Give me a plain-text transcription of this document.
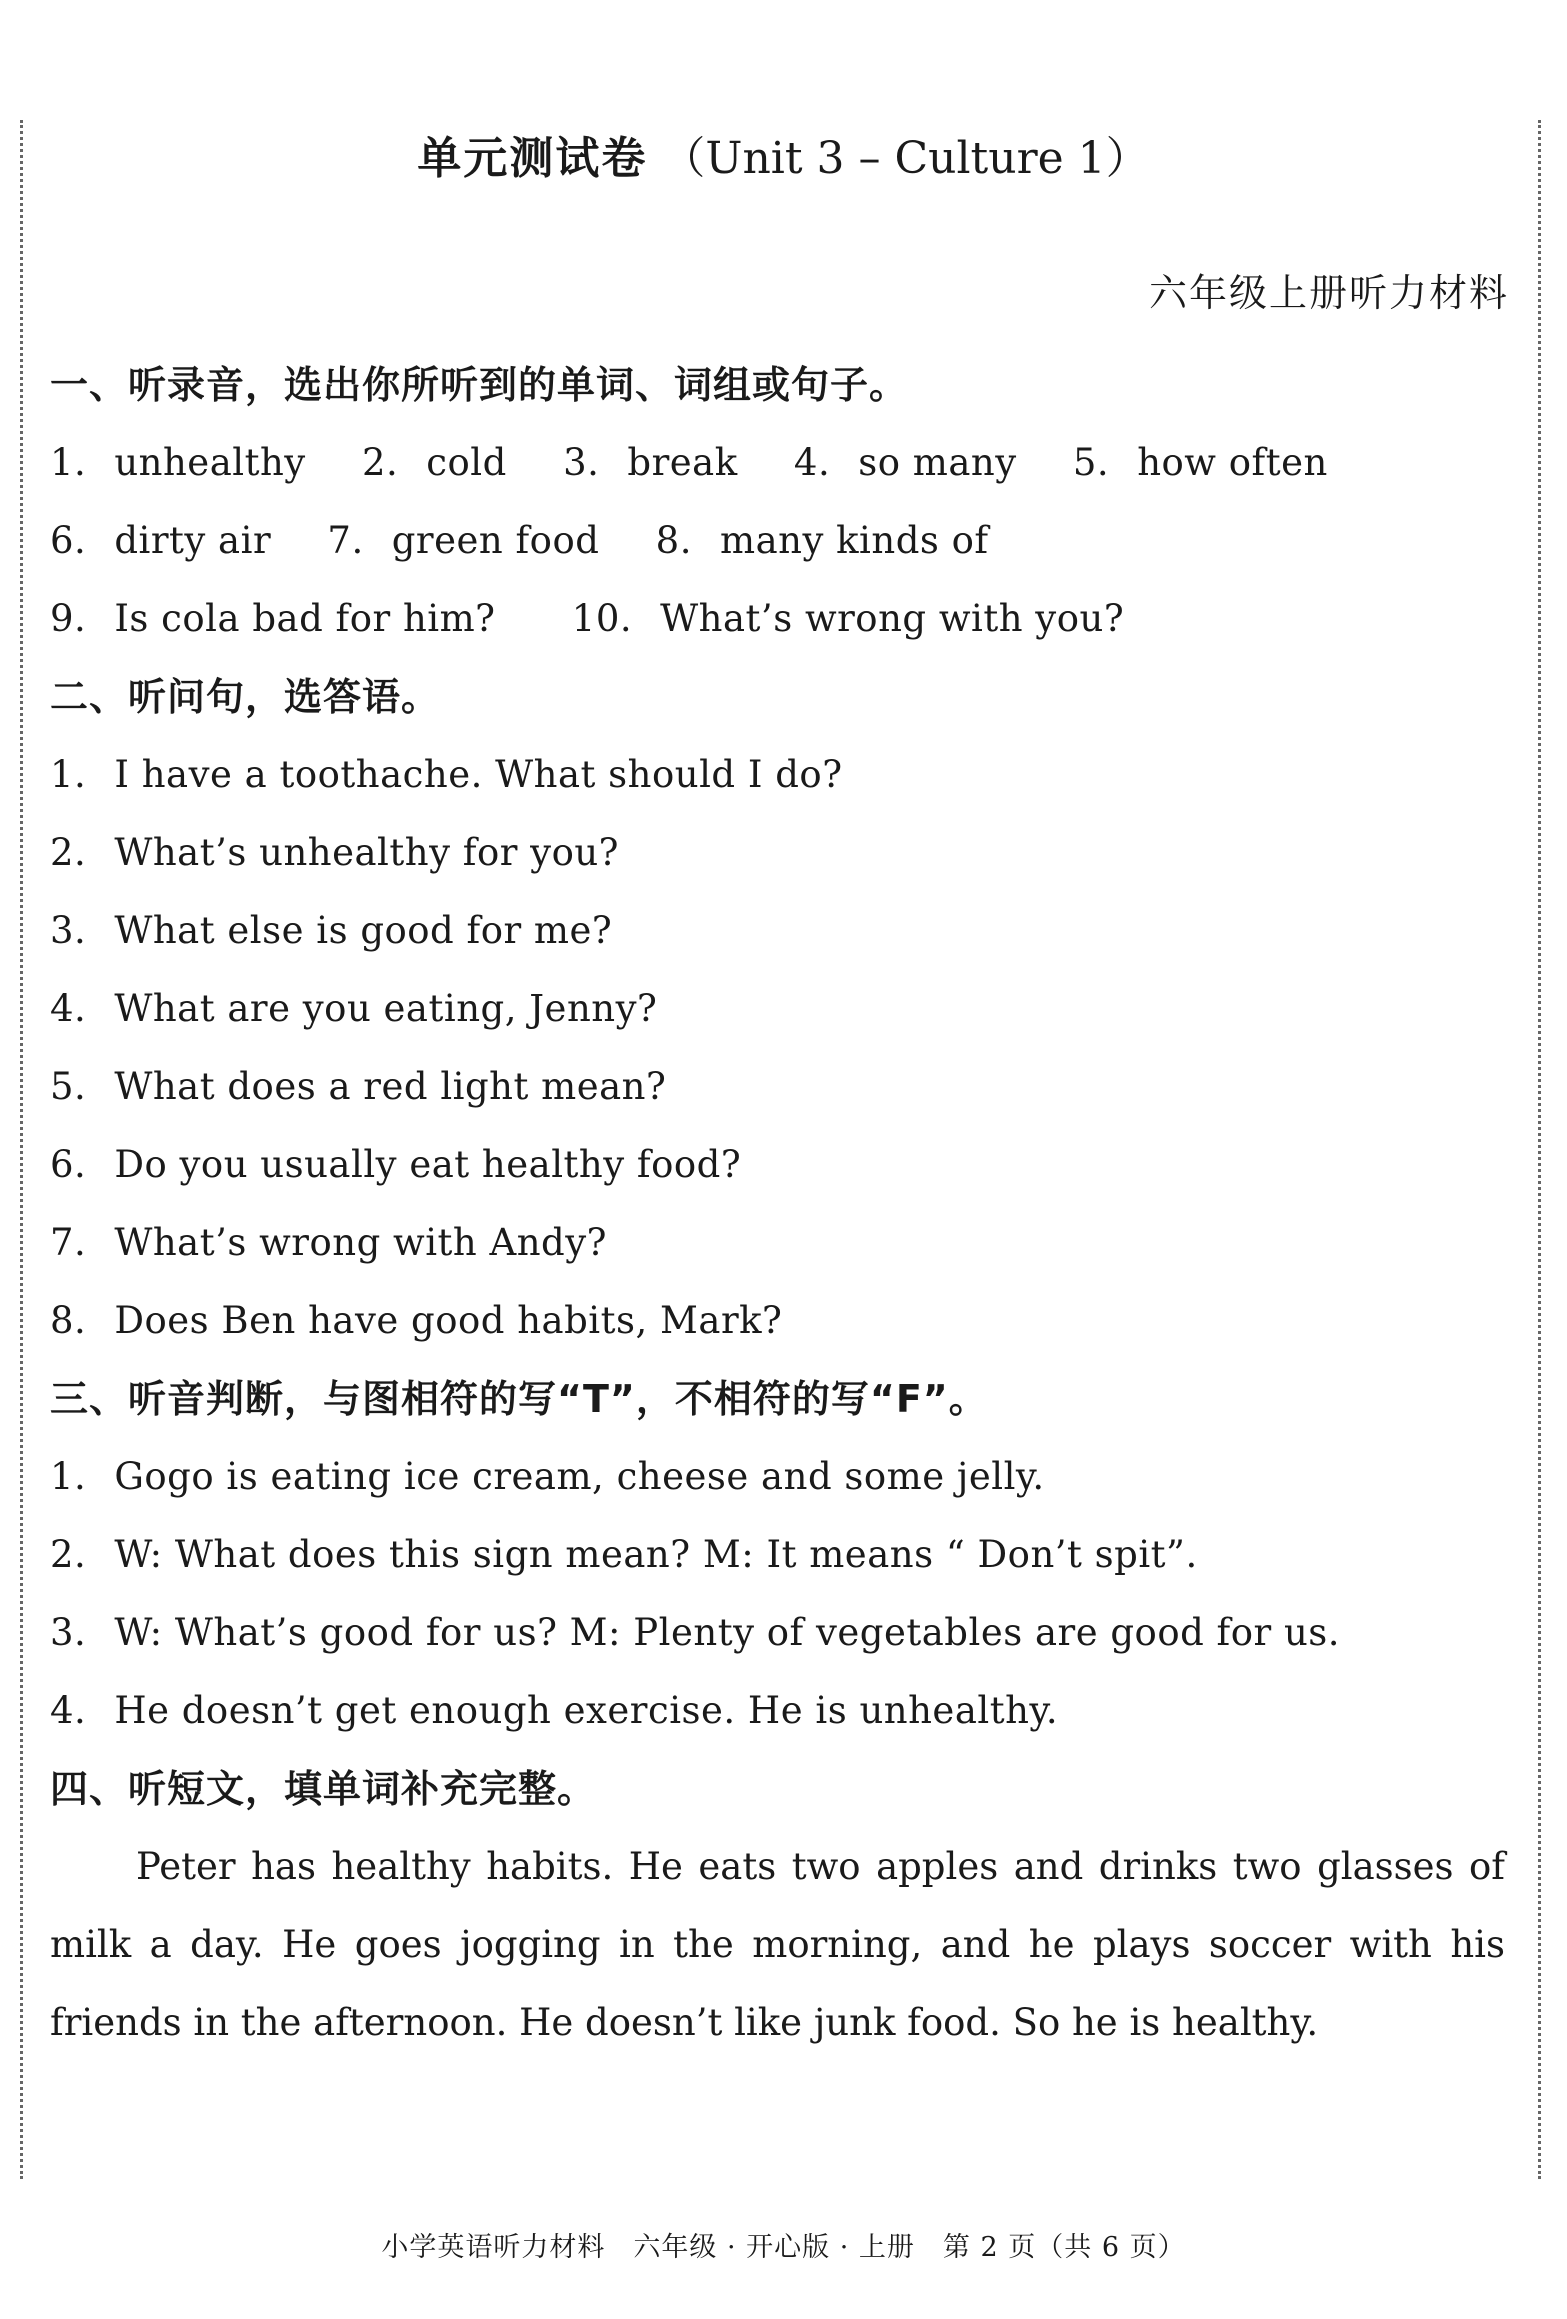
单元测试卷 （Unit 3 – Culture 1）
六年级上册听力材料
一、听录音，选出你所听到的单词、词组或句子。
1. unhealthy 2. cold 3. break 4. so many 5. how often
6. dirty air 7. green food 8. many kinds of
9. Is cola bad for him? 10. What’s wrong with you?
二、听问句，选答语。
1. I have a toothache. What should I do?
2. What’s unhealthy for you?
3. What else is good for me?
4. What are you eating, Jenny?
5. What does a red light mean?
6. Do you usually eat healthy food?
7. What’s wrong with Andy?
8. Does Ben have good habits, Mark?
三、听音判断，与图相符的写“T”，不相符的写“F”。
1. Gogo is eating ice cream, cheese and some jelly.
2. W: What does this sign mean? M: It means “ Don’t spit”.
3. W: What’s good for us? M: Plenty of vegetables are good for us.
4. He doesn’t get enough exercise. He is unhealthy.
四、听短文，填单词补充完整。
Peter has healthy habits. He eats two apples and drinks two glasses of milk a day. He goes jogging in the morning, and he plays soccer with his friends in the afternoon. He doesn’t like junk food. So he is healthy.
小学英语听力材料　六年级 · 开心版 · 上册　第 2 页（共 6 页）
